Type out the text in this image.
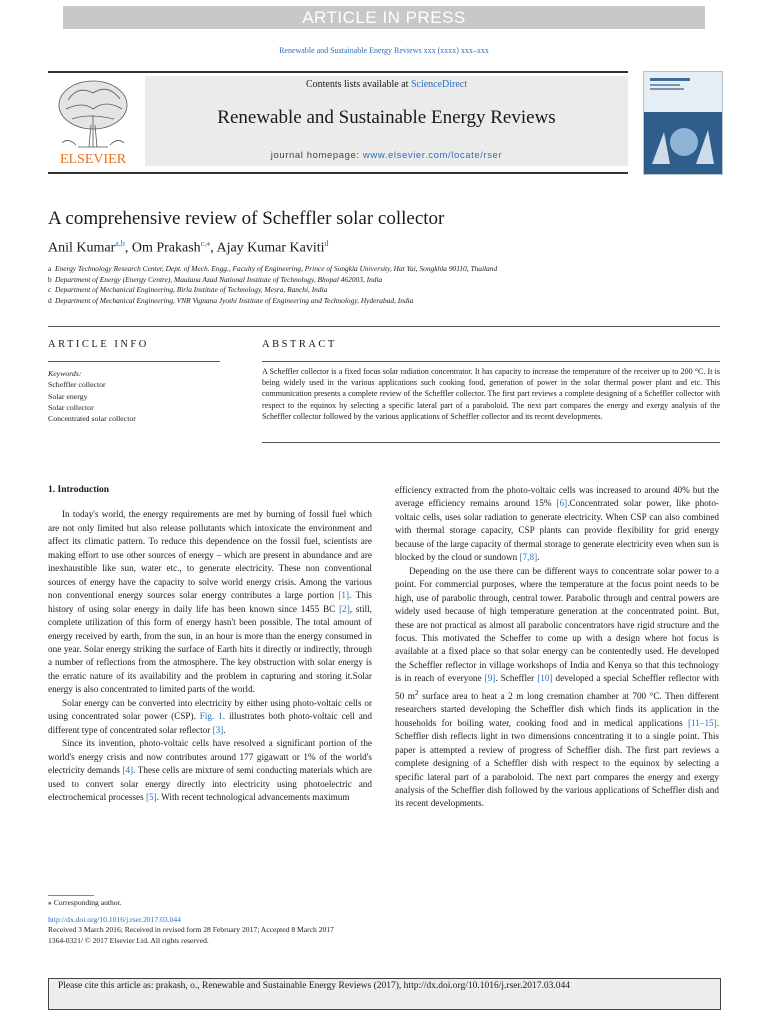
ARTICLE IN PRESS
Renewable and Sustainable Energy Reviews xxx (xxxx) xxx–xxx
ELSEVIER
Contents lists available at ScienceDirect
Renewable and Sustainable Energy Reviews
journal homepage: www.elsevier.com/locate/rser
A comprehensive review of Scheffler solar collector
Anil Kumar$^{a,b}$, Om Prakash$^{c,⁎}$, Ajay Kumar Kaviti$^d$
a Energy Technology Research Center, Dept. of Mech. Engg., Faculty of Engineering, Prince of Songkla University, Hat Yai, Songkhla 90110, Thailand
b Department of Energy (Energy Centre), Maulana Azad National Institute of Technology, Bhopal 462003, India
c Department of Mechanical Engineering, Birla Institute of Technology, Mesra, Ranchi, India
d Department of Mechanical Engineering, VNR Vignana Jyothi Institute of Engineering and Technology, Hyderabad, India
ARTICLE INFO	ABSTRACT
Keywords:
Scheffler collector
Solar energy
Solar collector
Concentrated solar collector
A Scheffler collector is a fixed focus solar radiation concentrator. It has capacity to increase the temperature of the receiver up to 200 °C. It is being widely used in the various applications such cooking food, generation of power in the solar thermal power plant and etc. This communication presents a complete review of the Scheffler collector. The first part reviews a complete designing of a Scheffler collector with respect to the equinox by selecting a specific lateral part of a paraboloid. The next part compares the energy and exergy analysis of the Scheffler collector followed by the various applications of Scheffler collector and its recent developments.

1. Introduction

In today's world, the energy requirements are met by burning of fossil fuel which are not only limited but also release pollutants which intoxicate the environment and affect its climatic pattern. To reduce this dependence on the fossil fuel, scientists are making effort to use other sources of energy – which are present in abundance and are inexhaustible like sun, water etc., to generate electricity. These non conventional sources of energy have the capacity to solve world energy crisis. Among the various non conventional energy sources solar energy contributes a large portion [1]. This history of using solar energy in daily life has been known since 1455 BC [2], still, complete utilization of this form of energy hasn't been possible. The total amount of energy received by earth, from the sun, in an hour is more than the energy consumed in one year. Solar energy striking the surface of Earth hits it directly or indirectly, through a number of reflections from the atmosphere. The key obstruction with solar energy is the erratic nature of its availability and the problem in capturing and storing it.Solar energy is also concentrated to limited parts of the world.

Solar energy can be converted into electricity by either using photo-voltaic cells or using concentrated solar power (CSP). Fig. 1. illustrates both photo-voltaic cell and different type of concentrated solar reflector [3].

Since its invention, photo-voltaic cells have resolved a significant portion of the world's energy crisis and now contributes around 177 gigawatt or 1% of the world's electricity demands [4]. These cells are mixture of semi conducting materials which are used to convert solar energy directly into electricity using photoelectric and electrochemical processes [5]. With recent technological advancements maximum

efficiency extracted from the photo-voltaic cells was increased to around 40% but the average efficiency remains around 15% [6].Concentrated solar power, like photo-voltaic cells, uses solar radiation to generate electricity. When CSP can also combined with thermal storage capacity, CSP plants can provide flexibility for grid energy because of the large capacity of thermal storage to generate electricity even when sun is blocked by the cloud or sundown [7,8].

Depending on the use there can be different ways to concentrate solar power to a point. For commercial purposes, where the temperature at the focus point needs to be high, use of parabolic through, central tower. Parabolic through and central powers are widely used because of high temperature generation at the concentrated point. But, these are not practical as almost all parabolic concentrators have rigid structure and the focus. This motivated the Scheffer to come up with a design where hot focus is available at a fixed place so that solar energy can be contentedly used. He developed the Scheffler reflector in village workshops of India and Kenya so that this technology is in reach of everyone [9]. Scheffler [10] developed a special Scheffler reflector with 50 $m^2$ surface area to heat a 2 m long cremation chamber at 700 °C. Then different researchers started developing the Scheffler dish which finds its application in the households for boiling water, cooking food and in medical applications [11–15]. Scheffler dish reflects light in two dimensions concentrating it to a single point. This paper is attempted a review of progress of Scheffler dish. The first part reviews a complete designing of a Scheffler dish with respect to the equinox by selecting a specific lateral part of a paraboloid. The next part compares the energy and exergy analysis of the Scheffler dish followed by the various applications of Scheffler dish and its recent developments.

⁎ Corresponding author.
http://dx.doi.org/10.1016/j.rser.2017.03.044
Received 3 March 2016; Received in revised form 28 February 2017; Accepted 8 March 2017
1364-0321/ © 2017 Elsevier Ltd. All rights reserved.
Please cite this article as: prakash, o., Renewable and Sustainable Energy Reviews (2017), http://dx.doi.org/10.1016/j.rser.2017.03.044
